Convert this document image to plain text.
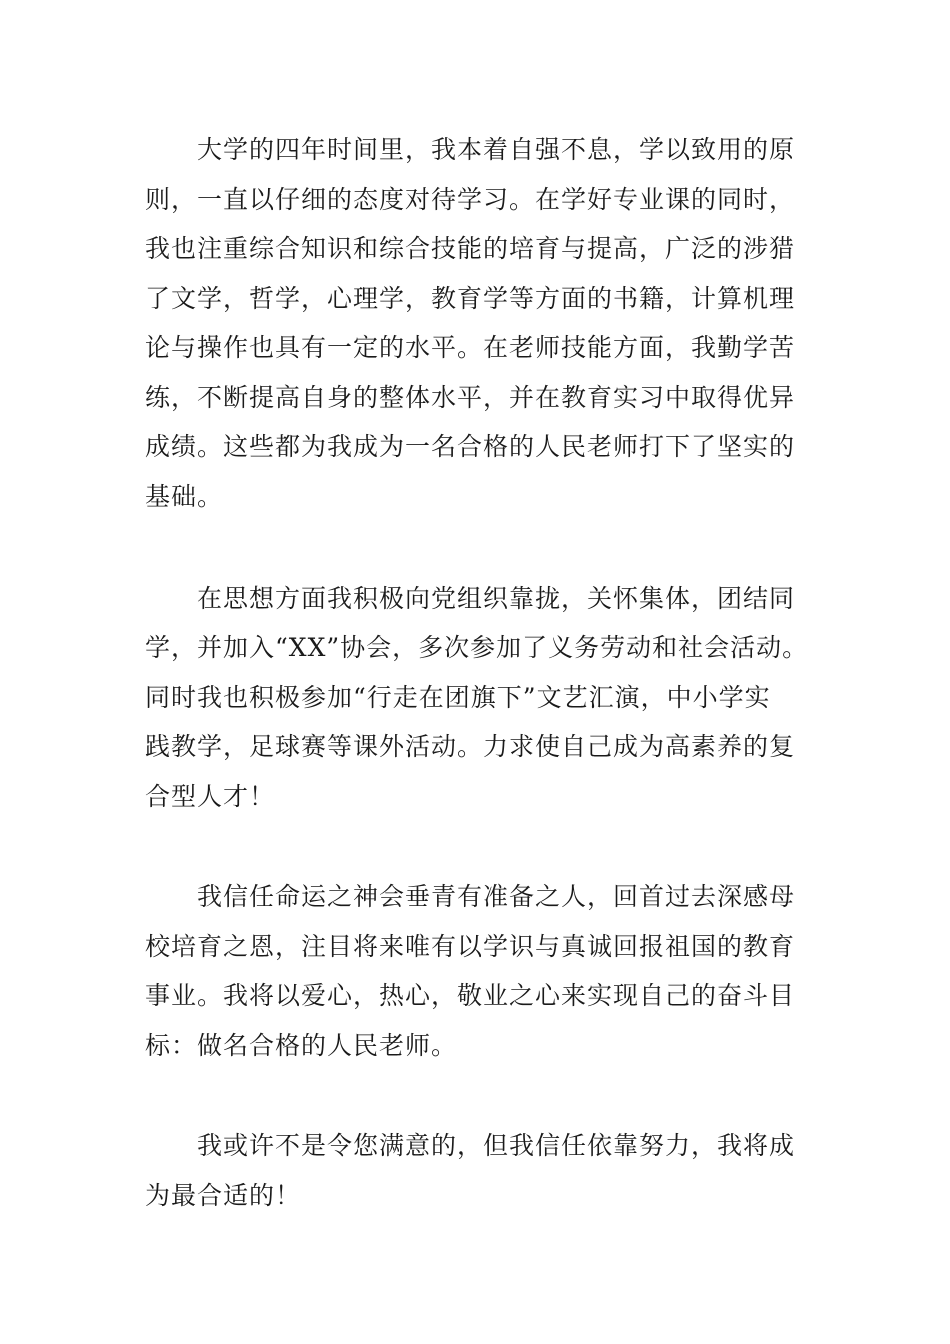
大学的四年时间里，我本着自强不息，学以致用的原

则，一直以仔细的态度对待学习。在学好专业课的同时，

我也注重综合知识和综合技能的培育与提高，广泛的涉猎

了文学，哲学，心理学，教育学等方面的书籍，计算机理

论与操作也具有一定的水平。在老师技能方面，我勤学苦

练，不断提高自身的整体水平，并在教育实习中取得优异

成绩。这些都为我成为一名合格的人民老师打下了坚实的

基础。

在思想方面我积极向党组织靠拢，关怀集体，团结同

学，并加入“XX”协会，多次参加了义务劳动和社会活动。

同时我也积极参加“行走在团旗下”文艺汇演，中小学实

践教学，足球赛等课外活动。力求使自己成为高素养的复

合型人才！

我信任命运之神会垂青有准备之人，回首过去深感母

校培育之恩，注目将来唯有以学识与真诚回报祖国的教育

事业。我将以爱心，热心，敬业之心来实现自己的奋斗目

标：做名合格的人民老师。

我或许不是令您满意的，但我信任依靠努力，我将成

为最合适的！
